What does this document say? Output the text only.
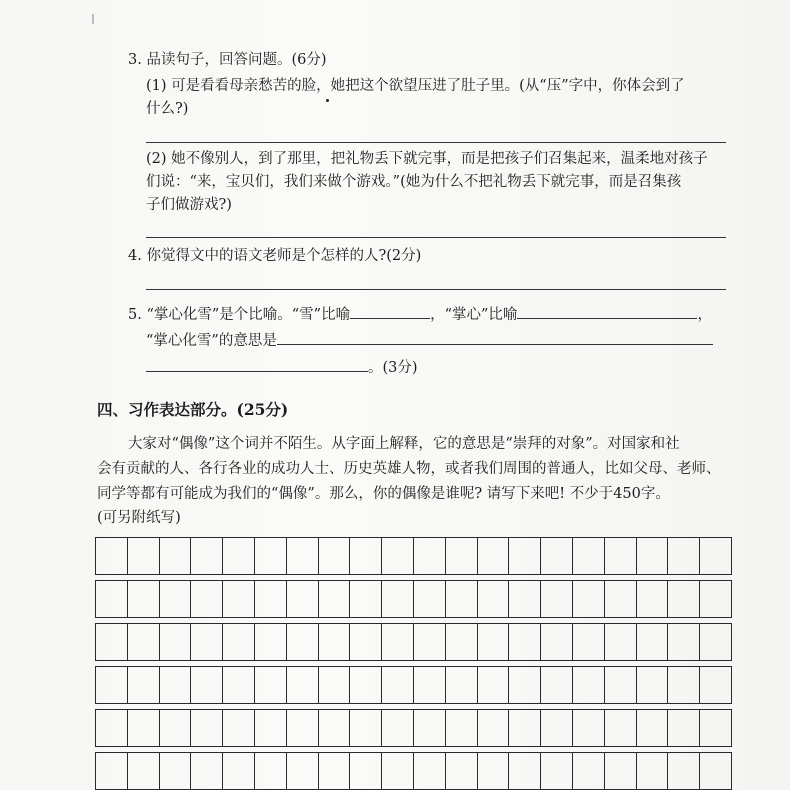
3. 品读句子，回答问题。(6分)
(1) 可是看看母亲愁苦的脸，她把这个欲望压进了肚子里。(从“压”字中，你体会到了
什么?)
(2) 她不像别人，到了那里，把礼物丢下就完事，而是把孩子们召集起来，温柔地对孩子
们说：“来，宝贝们，我们来做个游戏。”(她为什么不把礼物丢下就完事，而是召集孩
子们做游戏?)
4. 你觉得文中的语文老师是个怎样的人?(2分)
5. “掌心化雪”是个比喻。“雪”比喻	，“掌心”比喻	，
“掌心化雪”的意思是
。(3分)
四、习作表达部分。(25分)
大家对“偶像”这个词并不陌生。从字面上解释，它的意思是“崇拜的对象”。对国家和社
会有贡献的人、各行各业的成功人士、历史英雄人物，或者我们周围的普通人，比如父母、老师、
同学等都有可能成为我们的“偶像”。那么，你的偶像是谁呢? 请写下来吧! 不少于450字。
(可另附纸写)
